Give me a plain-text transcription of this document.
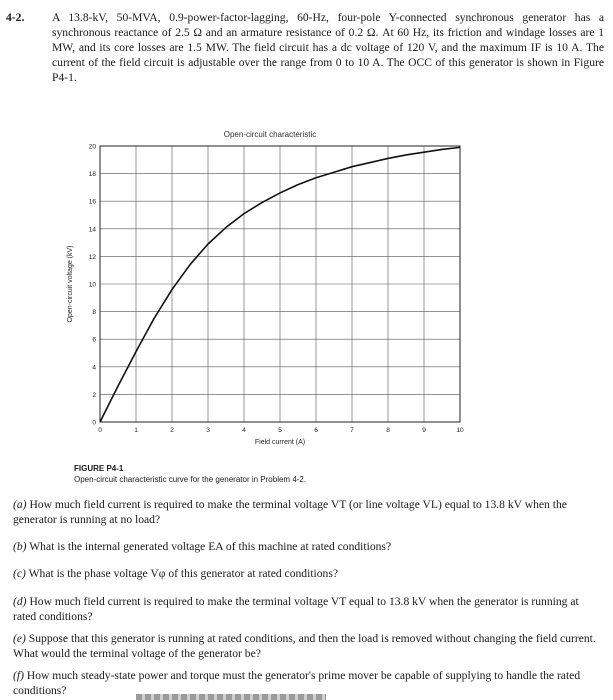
4-2. A 13.8-kV, 50-MVA, 0.9-power-factor-lagging, 60-Hz, four-pole Y-connected synchronous generator has a synchronous reactance of 2.5 Ω and an armature resistance of 0.2 Ω. At 60 Hz, its friction and windage losses are 1 MW, and its core losses are 1.5 MW. The field circuit has a dc voltage of 120 V, and the maximum IF is 10 A. The current of the field circuit is adjustable over the range from 0 to 10 A. The OCC of this generator is shown in Figure P4-1.
Open-circuit characteristic
0
2
4
6
8
10
12
14
16
18
20
0	1	2	3	4	5	6	7	8	9	10
Field current (A)
Open-circuit voltage (kV)
FIGURE P4-1
Open-circuit characteristic curve for the generator in Problem 4-2.
(a) How much field current is required to make the terminal voltage VT (or line voltage VL) equal to 13.8 kV when the generator is running at no load?
(b) What is the internal generated voltage EA of this machine at rated conditions?
(c) What is the phase voltage Vφ of this generator at rated conditions?
(d) How much field current is required to make the terminal voltage VT equal to 13.8 kV when the generator is running at rated conditions?
(e) Suppose that this generator is running at rated conditions, and then the load is removed without changing the field current. What would the terminal voltage of the generator be?
(f) How much steady-state power and torque must the generator's prime mover be capable of supplying to handle the rated conditions?
